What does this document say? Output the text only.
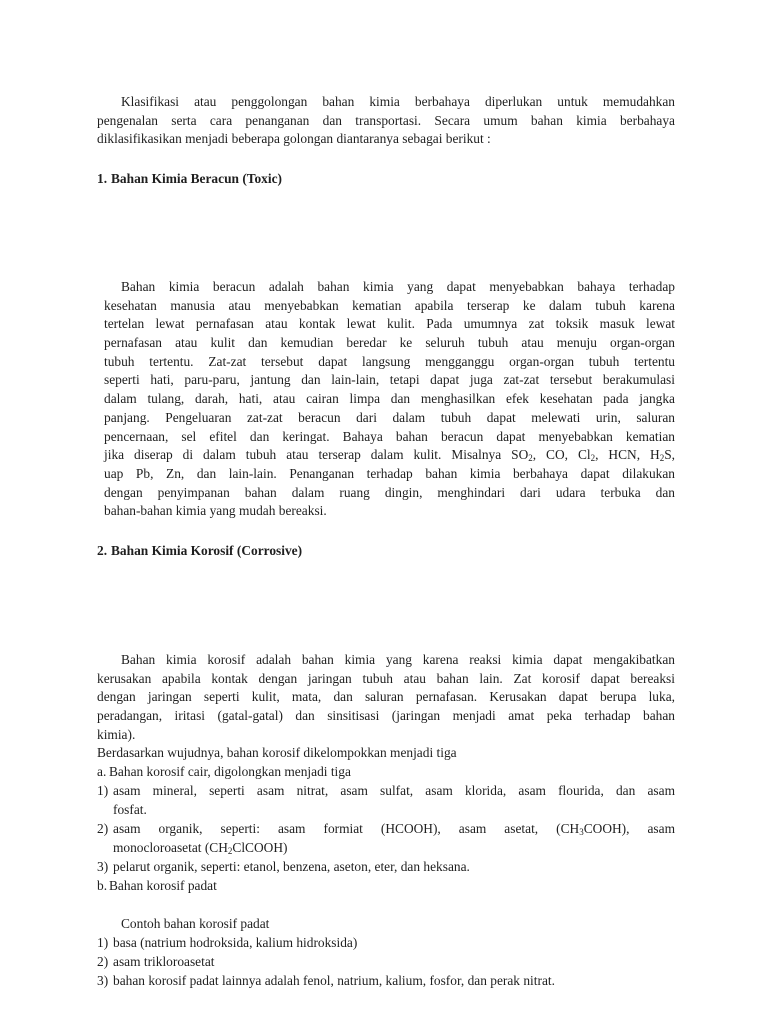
Klasifikasi atau penggolongan bahan kimia berbahaya diperlukan untuk memudahkan
pengenalan serta cara penanganan dan transportasi. Secara umum bahan kimia berbahaya
diklasifikasikan menjadi beberapa golongan diantaranya sebagai berikut :
1. Bahan Kimia Beracun (Toxic)
Bahan kimia beracun adalah bahan kimia yang dapat menyebabkan bahaya terhadap
kesehatan manusia atau menyebabkan kematian apabila terserap ke dalam tubuh karena
tertelan lewat pernafasan atau kontak lewat kulit. Pada umumnya zat toksik masuk lewat
pernafasan atau kulit dan kemudian beredar ke seluruh tubuh atau menuju organ-organ
tubuh tertentu. Zat-zat tersebut dapat langsung mengganggu organ-organ tubuh tertentu
seperti hati, paru-paru, jantung dan lain-lain, tetapi dapat juga zat-zat tersebut berakumulasi
dalam tulang, darah, hati, atau cairan limpa dan menghasilkan efek kesehatan pada jangka
panjang. Pengeluaran zat-zat beracun dari dalam tubuh dapat melewati urin, saluran
pencernaan, sel efitel dan keringat. Bahaya bahan beracun dapat menyebabkan kematian
jika diserap di dalam tubuh atau terserap dalam kulit. Misalnya $SO_2$, CO, $Cl_2$, HCN, $H_2S$,
uap Pb, Zn, dan lain-lain. Penanganan terhadap bahan kimia berbahaya dapat dilakukan
dengan penyimpanan bahan dalam ruang dingin, menghindari dari udara terbuka dan
bahan-bahan kimia yang mudah bereaksi.
2. Bahan Kimia Korosif (Corrosive)
Bahan kimia korosif adalah bahan kimia yang karena reaksi kimia dapat mengakibatkan
kerusakan apabila kontak dengan jaringan tubuh atau bahan lain. Zat korosif dapat bereaksi
dengan jaringan seperti kulit, mata, dan saluran pernafasan. Kerusakan dapat berupa luka,
peradangan, iritasi (gatal-gatal) dan sinsitisasi (jaringan menjadi amat peka terhadap bahan
kimia).
Berdasarkan wujudnya, bahan korosif dikelompokkan menjadi tiga
a. Bahan korosif cair, digolongkan menjadi tiga
1) asam mineral, seperti asam nitrat, asam sulfat, asam klorida, asam flourida, dan asam
fosfat.
2) asam organik, seperti: asam formiat (HCOOH), asam asetat, $(CH_3COOH)$, asam
monocloroasetat $(CH_2ClCOOH)$
3) pelarut organik, seperti: etanol, benzena, aseton, eter, dan heksana.
b. Bahan korosif padat
Contoh bahan korosif padat
1) basa (natrium hodroksida, kalium hidroksida)
2) asam trikloroasetat
3) bahan korosif padat lainnya adalah fenol, natrium, kalium, fosfor, dan perak nitrat.
